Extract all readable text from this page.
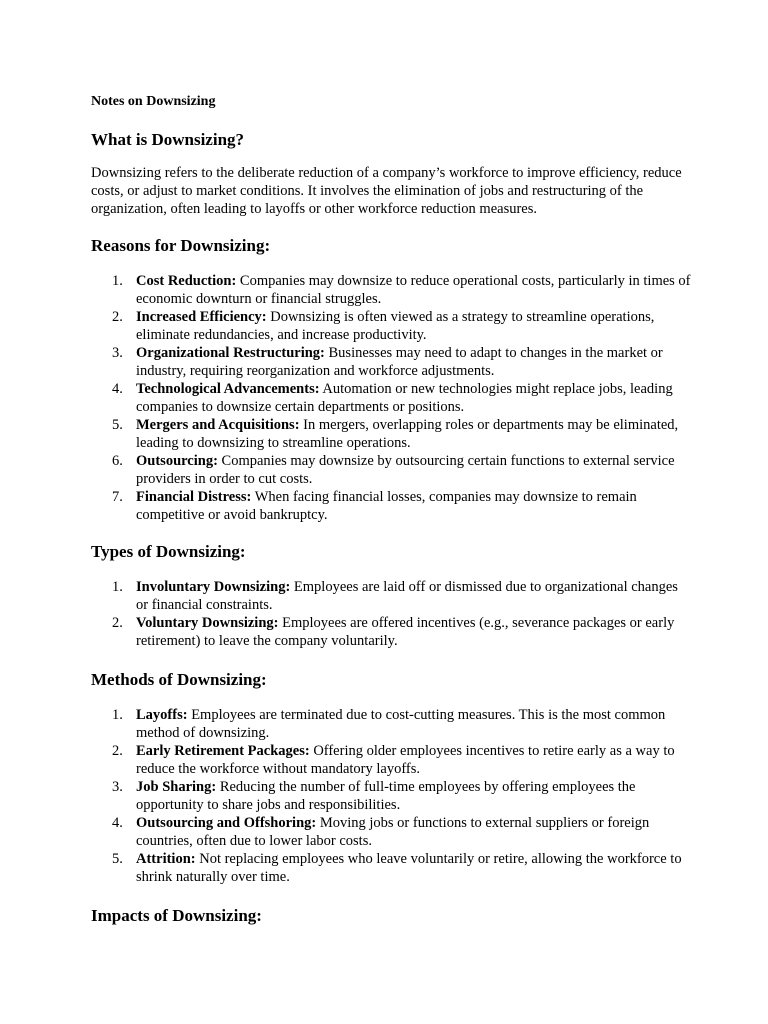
Notes on Downsizing
What is Downsizing?

Downsizing refers to the deliberate reduction of a company’s workforce to improve efficiency, reduce costs, or adjust to market conditions. It involves the elimination of jobs and restructuring of the organization, often leading to layoffs or other workforce reduction measures.

Reasons for Downsizing:
1. Cost Reduction: Companies may downsize to reduce operational costs, particularly in times of economic downturn or financial struggles.
2. Increased Efficiency: Downsizing is often viewed as a strategy to streamline operations, eliminate redundancies, and increase productivity.
3. Organizational Restructuring: Businesses may need to adapt to changes in the market or industry, requiring reorganization and workforce adjustments.
4. Technological Advancements: Automation or new technologies might replace jobs, leading companies to downsize certain departments or positions.
5. Mergers and Acquisitions: In mergers, overlapping roles or departments may be eliminated, leading to downsizing to streamline operations.
6. Outsourcing: Companies may downsize by outsourcing certain functions to external service providers in order to cut costs.
7. Financial Distress: When facing financial losses, companies may downsize to remain competitive or avoid bankruptcy.
Types of Downsizing:
1. Involuntary Downsizing: Employees are laid off or dismissed due to organizational changes or financial constraints.
2. Voluntary Downsizing: Employees are offered incentives (e.g., severance packages or early retirement) to leave the company voluntarily.
Methods of Downsizing:
1. Layoffs: Employees are terminated due to cost-cutting measures. This is the most common method of downsizing.
2. Early Retirement Packages: Offering older employees incentives to retire early as a way to reduce the workforce without mandatory layoffs.
3. Job Sharing: Reducing the number of full-time employees by offering employees the opportunity to share jobs and responsibilities.
4. Outsourcing and Offshoring: Moving jobs or functions to external suppliers or foreign countries, often due to lower labor costs.
5. Attrition: Not replacing employees who leave voluntarily or retire, allowing the workforce to shrink naturally over time.
Impacts of Downsizing:
